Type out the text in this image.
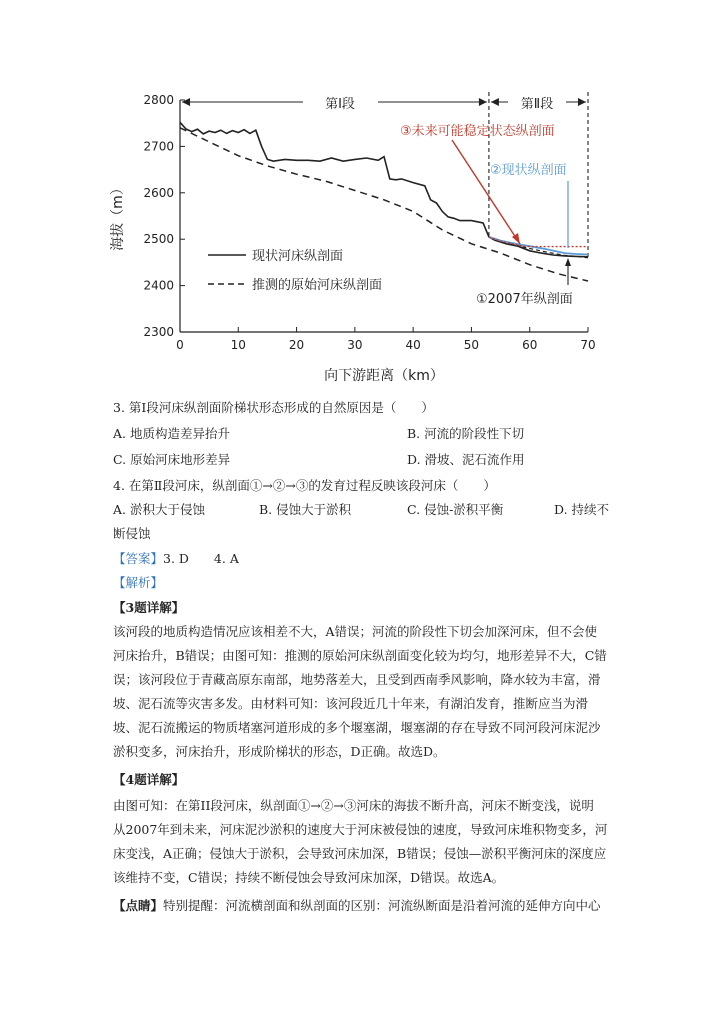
0	10	20	30	40	50	60	70
2300
2400
2500
2600
2700
2800
向下游距离（km）
海拔（m）
第Ⅰ段	第Ⅱ段
现状河床纵剖面
推测的原始河床纵剖面
③未来可能稳定状态纵剖面
②现状纵剖面
①2007年纵剖面
3. 第Ⅰ段河床纵剖面阶梯状形态形成的自然原因是（　　）
A. 地质构造差异抬升	B. 河流的阶段性下切
C. 原始河床地形差异	D. 滑坡、泥石流作用
4. 在第Ⅱ段河床，纵剖面①→②→③的发育过程反映该段河床（　　）
A. 淤积大于侵蚀	B. 侵蚀大于淤积	C. 侵蚀-淤积平衡	D. 持续不
断侵蚀
【答案】3. D　　4. A
【解析】
【3题详解】
该河段的地质构造情况应该相差不大，A错误；河流的阶段性下切会加深河床，但不会使
河床抬升，B错误；由图可知：推测的原始河床纵剖面变化较为均匀，地形差异不大，C错
误；该河段位于青藏高原东南部，地势落差大，且受到西南季风影响，降水较为丰富，滑
坡、泥石流等灾害多发。由材料可知：该河段近几十年来，有湖泊发育，推断应当为滑
坡、泥石流搬运的物质堵塞河道形成的多个堰塞湖，堰塞湖的存在导致不同河段河床泥沙
淤积变多，河床抬升，形成阶梯状的形态，D正确。故选D。
【4题详解】
由图可知：在第II段河床，纵剖面①→②→③河床的海拔不断升高，河床不断变浅，说明
从2007年到未来，河床泥沙淤积的速度大于河床被侵蚀的速度，导致河床堆积物变多，河
床变浅，A正确；侵蚀大于淤积，会导致河床加深，B错误；侵蚀—淤积平衡河床的深度应
该维持不变，C错误；持续不断侵蚀会导致河床加深，D错误。故选A。
【点睛】特别提醒：河流横剖面和纵剖面的区别：河流纵断面是沿着河流的延伸方向中心
